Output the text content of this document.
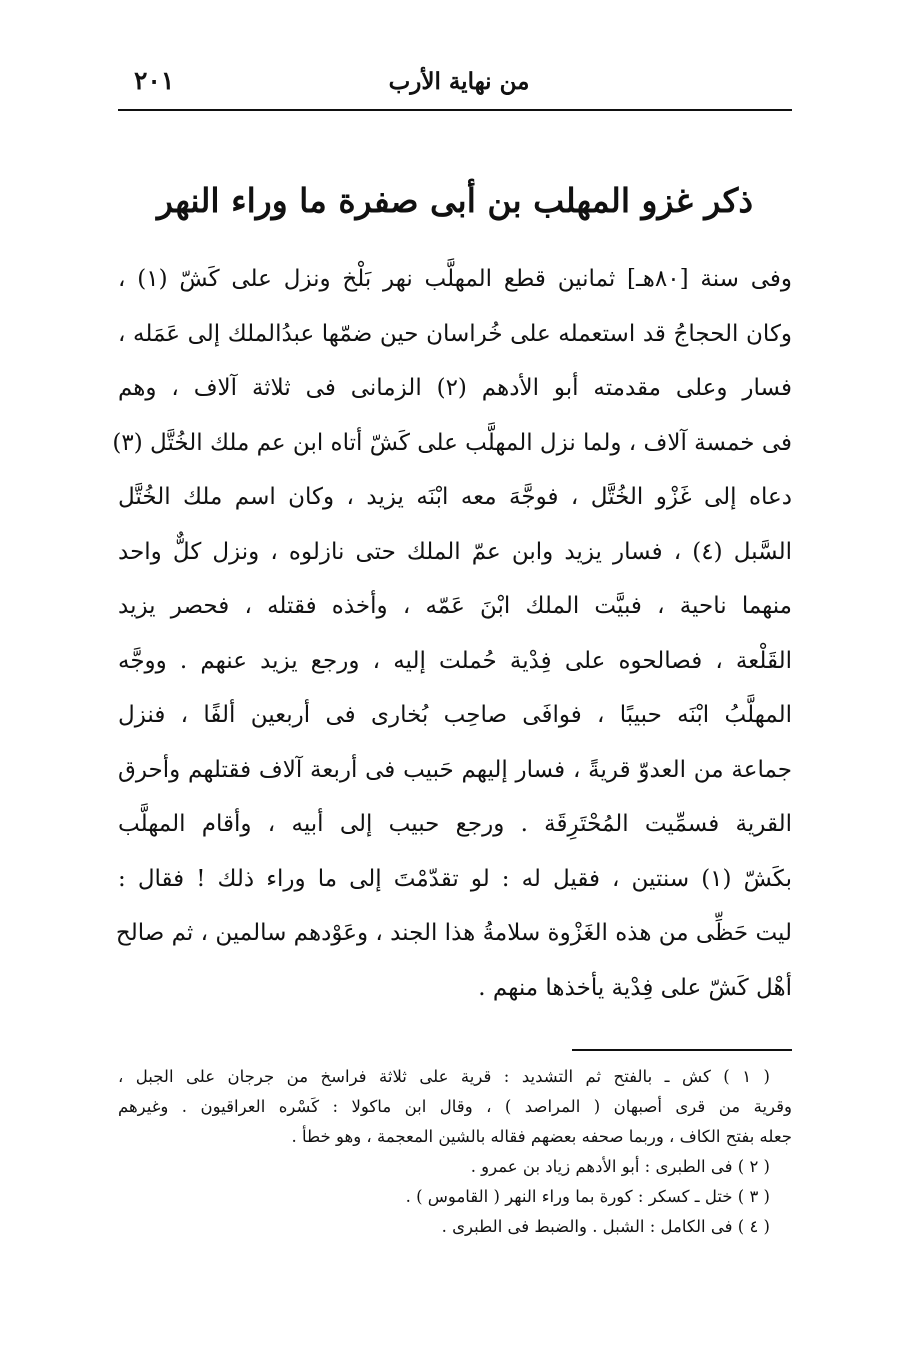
من نهاية الأرب
٢٠١
ذكر غزو المهلب بن أبى صفرة ما وراء النهر
وفى سنة [٨٠هـ] ثمانين قطع المهلَّب نهر بَلْخ ونزل على كَشّ (١) ،
وكان الحجاجُ قد استعمله على خُراسان حين ضمّها عبدُالملك إلى عَمَله ،
فسار وعلى مقدمته أبو الأدهم (٢) الزمانى فى ثلاثة آلاف ، وهم
فى خمسة آلاف ، ولما نزل المهلَّب على كَشّ أتاه ابن عم ملك الخُتَّل (٣)
دعاه إلى غَزْو الخُتَّل ، فوجَّهَ معه ابْنَه يزيد ، وكان اسم ملك الخُتَّل
السَّبل (٤) ، فسار يزيد وابن عمّ الملك حتى نازلوه ، ونزل كلٌّ واحد
منهما ناحية ، فبيَّت الملك ابْنَ عَمّه ، وأخذه فقتله ، فحصر يزيد
القَلْعة ، فصالحوه على فِدْية حُملت إليه ، ورجع يزيد عنهم . ووجَّه
المهلَّبُ ابْنَه حبيبًا ، فوافَى صاحِب بُخارى فى أربعين ألفًا ، فنزل
جماعة من العدوّ قريةً ، فسار إليهم حَبيب فى أربعة آلاف فقتلهم وأحرق
القرية فسمِّيت المُحْتَرِقَة . ورجع حبيب إلى أبيه ، وأقام المهلَّب
بكَشّ (١) سنتين ، فقيل له : لو تقدّمْتَ إلى ما وراء ذلك ! فقال :
ليت حَظِّى من هذه الغَزْوة سلامةُ هذا الجند ، وعَوْدهم سالمين ، ثم صالح
أهْل كَشّ على فِدْية يأخذها منهم .
( ١ ) كش ـ بالفتح ثم التشديد : قرية على ثلاثة فراسخ من جرجان على الجبل ،
وقرية من قرى أصبهان ( المراصد ) ، وقال ابن ماكولا : كَسْره العراقيون . وغيرهم
جعله بفتح الكاف ، وربما صحفه بعضهم فقاله بالشين المعجمة ، وهو خطأ .
( ٢ ) فى الطبرى : أبو الأدهم زياد بن عمرو .
( ٣ ) ختل ـ كسكر : كورة بما وراء النهر ( القاموس ) .
( ٤ ) فى الكامل : الشبل . والضبط فى الطبرى .
